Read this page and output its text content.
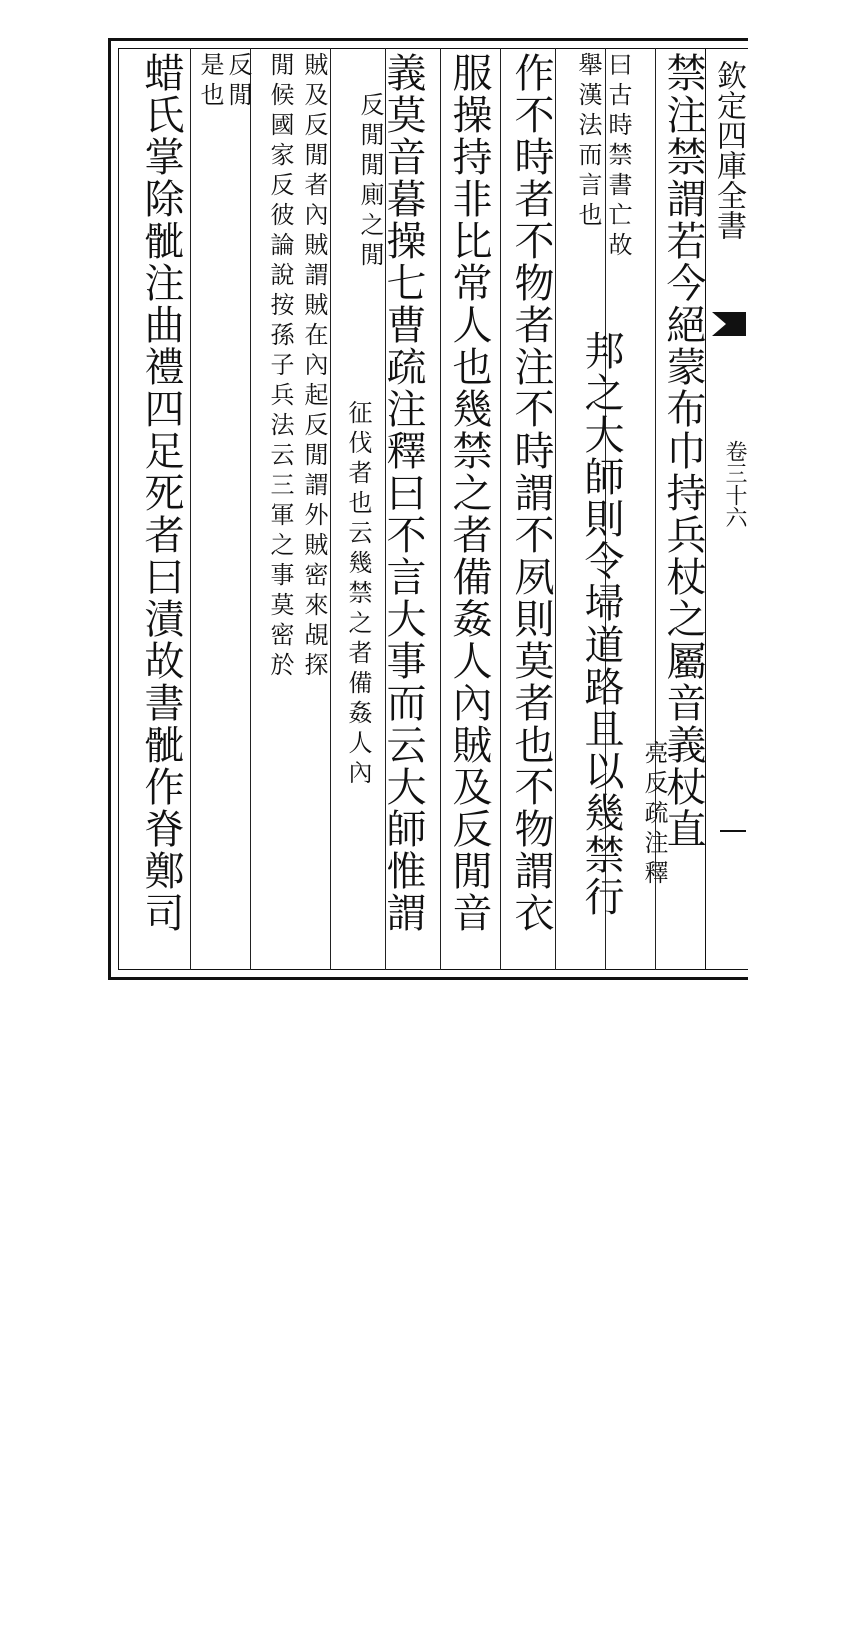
欽定四庫全書
卷三十六
禁注禁謂若今絕蒙布巾持兵杖之屬音義杖直
亮反疏注釋
曰古時禁書亡故
舉漢法而言也
邦之大師則令埽道路且以幾禁行
作不時者不物者注不時謂不夙則莫者也不物謂衣
服操持非比常人也幾禁之者備姦人內賊及反閒音
義莫音暮操七曹疏注釋曰不言大事而云大師惟謂
反閒閒廁之閒
征伐者也云幾禁之者備姦人內
賊及反閒者內賊謂賊在內起反閒謂外賊密來覘探
閒候國家反彼論說按孫子兵法云三軍之事莫密於
反閒
是也
蜡氏掌除骴注曲禮四足死者曰漬故書骴作脊鄭司
